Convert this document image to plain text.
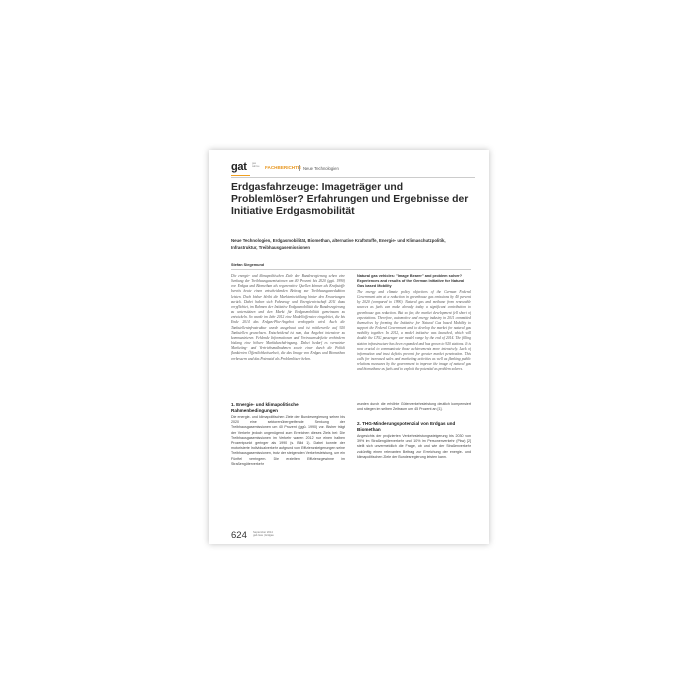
gat gas
wärme FACHBERICHTE Neue Technologien
Erdgasfahrzeuge: Imageträger und Problemlöser? Erfahrungen und Ergebnisse der Initiative Erdgasmobilität

Neue Technologien, Erdgasmobilität, Biomethan, alternative Kraftstoffe, Energie- und Klimaschutzpolitik, Infrastruktur, Treibhausgasemissionen

Stefan Siegemund

Die energie- und klimapolitischen Ziele der Bundesregierung sehen eine Senkung der Treibhausgasemissionen um 40 Prozent bis 2020 (ggü. 1990) vor. Erdgas und Biomethan als regenerative Quellen können als Kraftstoffe bereits heute einen entscheidenden Beitrag zur Treibhausgasreduktion leisten. Doch bisher bleibt die Marktentwicklung hinter den Erwartungen zurück. Dabei haben sich Fahrzeug- und Energiewirtschaft 2011 dazu verpflichtet, im Rahmen der Initiative Erdgasmobilität die Bundesregierung zu unterstützen und den Markt für Erdgasmobilität gemeinsam zu entwickeln. So wurde im Jahr 2012 eine Modelloffensive eingeleitet, die bis Ende 2014 das Erdgas-Pkw-Angebot verdoppeln wird. Auch die Tankstelleninfrastruktur wurde ausgebaut und ist mittlerweile auf 920 Tankstellen gewachsen. Entscheidend ist nun, das Angebot intensiver zu kommunizieren. Fehlende Informationen und Vertrauensdefizite verhindern bislang eine höhere Marktdurchdringung. Dabei bedarf es vernetzter Marketing- und Vertriebsmaßnahmen sowie einer durch die Politik flankierten Öffentlichkeitsarbeit, die das Image von Erdgas und Biomethan verbessern und das Potenzial als Problemlöser heben.

Natural gas vehicles: "Image Bearer" and problem solver? Experiences and results of the German Initiative for Natural Gas based Mobility

The energy and climate policy objectives of the German Federal Government aim at a reduction in greenhouse gas emissions by 40 percent by 2020 (compared to 1990). Natural gas and methane from renewable sources as fuels can make already today a significant contribution to greenhouse gas reduction. But so far, the market development fell short of expectations. Therefore, automotive and energy industry in 2011 committed themselves by forming the Initiative for Natural Gas based Mobility to support the Federal Government and to develop the market for natural gas mobility together. In 2012, a model initiative was launched, which will double the CNG passenger car model range by the end of 2014. The filling station infrastructure has been expanded and has grown to 920 stations. It is now crucial to communicate those achievements more intensively. Lack of information and trust deficits prevent for greater market penetration. This calls for increased sales and marketing activities as well as flanking public relations measures by the government to improve the image of natural gas and biomethane as fuels and to exploit the potential as problem solvers.

1. Energie- und klimapolitische Rahmenbedingungen

Die energie- und klimapolitischen Ziele der Bundesregierung sehen bis 2020 eine sektorenübergreifende Senkung der Treibhausgasemissionen um 40 Prozent (ggü. 1990) vor. Bisher trägt der Verkehr jedoch ungenügend zum Erreichen dieses Ziels bei: Die Treibhausgasemissionen im Verkehr waren 2012 nur einen halben Prozentpunkt geringer als 1990 (s. Bild 1). Dabei konnte der motorisierte Individualverkehr aufgrund von Effizienzsteigerungen seine Treibhausgasemissionen, trotz der steigenden Verkehrsleistung, um ein Fünftel verringern. Die erzielten Effizienzgewinne im Straßengüterverkehr

wurden durch die erhöhte Güterverkehrsleistung deutlich kompensiert und stiegen im selben Zeitraum um 45 Prozent an [1].

2. THG-Minderungspotenzial von Erdgas und Biomethan

Angesichts der projizierten Verkehrsleistungssteigerung bis 2030 von 39% im Straßengüterverkehr und 10% im Personenverkehr (Pkw) [2] stellt sich unvermeidlich die Frage, ob und wie der Straßenverkehr zukünftig einen relevanten Beitrag zur Erreichung der energie- und klimapolitischen Ziele der Bundesregierung leisten kann.

624 September 2014
gwf-Gas | Erdgas
